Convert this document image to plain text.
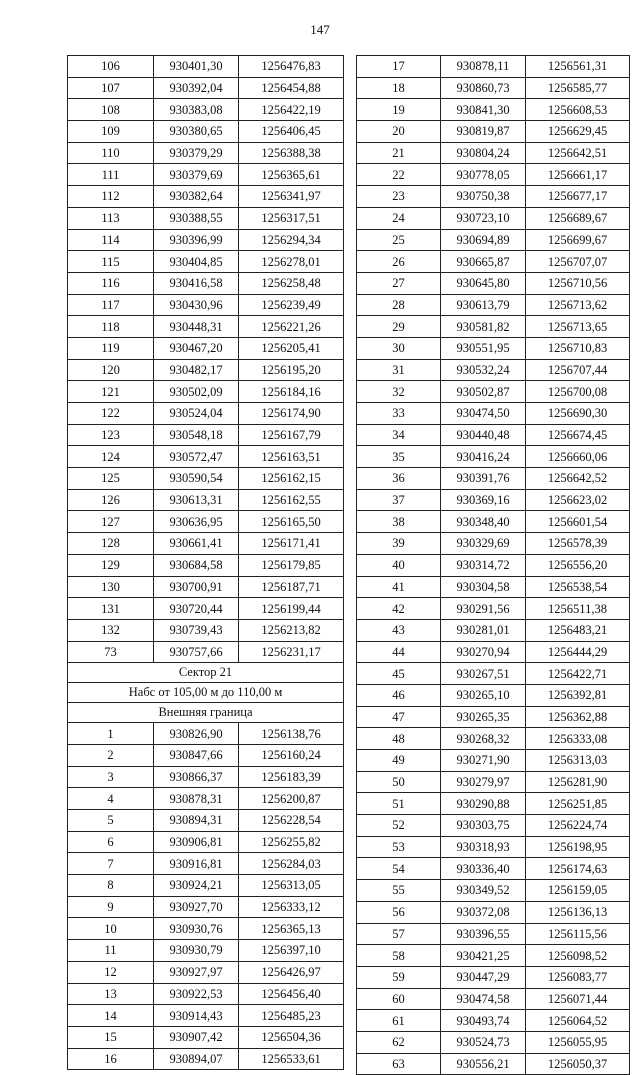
147
106	930401,30	1256476,83
107	930392,04	1256454,88
108	930383,08	1256422,19
109	930380,65	1256406,45
110	930379,29	1256388,38
111	930379,69	1256365,61
112	930382,64	1256341,97
113	930388,55	1256317,51
114	930396,99	1256294,34
115	930404,85	1256278,01
116	930416,58	1256258,48
117	930430,96	1256239,49
118	930448,31	1256221,26
119	930467,20	1256205,41
120	930482,17	1256195,20
121	930502,09	1256184,16
122	930524,04	1256174,90
123	930548,18	1256167,79
124	930572,47	1256163,51
125	930590,54	1256162,15
126	930613,31	1256162,55
127	930636,95	1256165,50
128	930661,41	1256171,41
129	930684,58	1256179,85
130	930700,91	1256187,71
131	930720,44	1256199,44
132	930739,43	1256213,82
73	930757,66	1256231,17
Сектор 21		
Набс от 105,00 м до 110,00 м		
Внешняя граница		
1	930826,90	1256138,76
2	930847,66	1256160,24
3	930866,37	1256183,39
4	930878,31	1256200,87
5	930894,31	1256228,54
6	930906,81	1256255,82
7	930916,81	1256284,03
8	930924,21	1256313,05
9	930927,70	1256333,12
10	930930,76	1256365,13
11	930930,79	1256397,10
12	930927,97	1256426,97
13	930922,53	1256456,40
14	930914,43	1256485,23
15	930907,42	1256504,36
16	930894,07	1256533,61
17	930878,11	1256561,31
18	930860,73	1256585,77
19	930841,30	1256608,53
20	930819,87	1256629,45
21	930804,24	1256642,51
22	930778,05	1256661,17
23	930750,38	1256677,17
24	930723,10	1256689,67
25	930694,89	1256699,67
26	930665,87	1256707,07
27	930645,80	1256710,56
28	930613,79	1256713,62
29	930581,82	1256713,65
30	930551,95	1256710,83
31	930532,24	1256707,44
32	930502,87	1256700,08
33	930474,50	1256690,30
34	930440,48	1256674,45
35	930416,24	1256660,06
36	930391,76	1256642,52
37	930369,16	1256623,02
38	930348,40	1256601,54
39	930329,69	1256578,39
40	930314,72	1256556,20
41	930304,58	1256538,54
42	930291,56	1256511,38
43	930281,01	1256483,21
44	930270,94	1256444,29
45	930267,51	1256422,71
46	930265,10	1256392,81
47	930265,35	1256362,88
48	930268,32	1256333,08
49	930271,90	1256313,03
50	930279,97	1256281,90
51	930290,88	1256251,85
52	930303,75	1256224,74
53	930318,93	1256198,95
54	930336,40	1256174,63
55	930349,52	1256159,05
56	930372,08	1256136,13
57	930396,55	1256115,56
58	930421,25	1256098,52
59	930447,29	1256083,77
60	930474,58	1256071,44
61	930493,74	1256064,52
62	930524,73	1256055,95
63	930556,21	1256050,37
